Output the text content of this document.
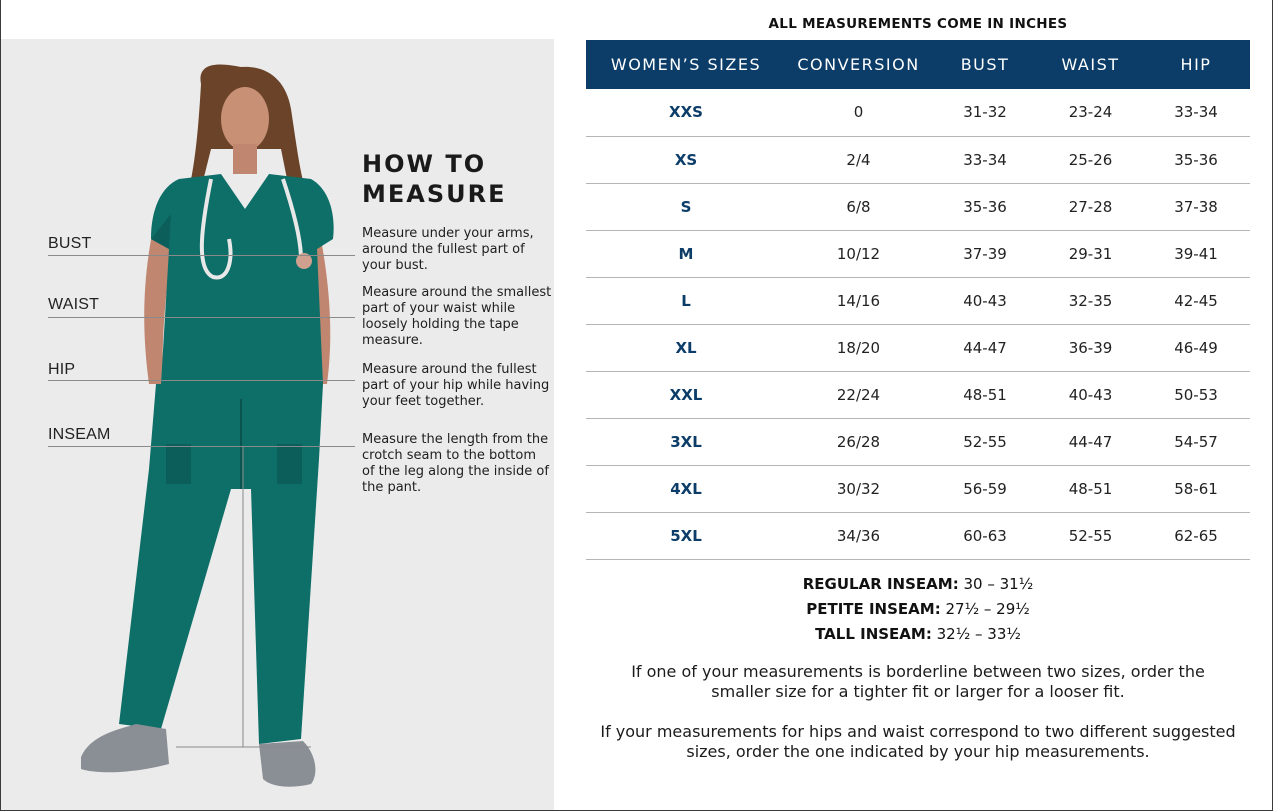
BUST
WAIST
HIP
INSEAM
HOW TO
MEASURE
Measure under your arms, around the fullest part of your bust.
Measure around the smallest part of your waist while loosely holding the tape measure.
Measure around the fullest part of your hip while having your feet together.
Measure the length from the crotch seam to the bottom of the leg along the inside of the pant.
ALL MEASUREMENTS COME IN INCHES
WOMEN’S SIZES	CONVERSION	BUST	WAIST	HIP
XXS	0	31-32	23-24	33-34
XS	2/4	33-34	25-26	35-36
S	6/8	35-36	27-28	37-38
M	10/12	37-39	29-31	39-41
L	14/16	40-43	32-35	42-45
XL	18/20	44-47	36-39	46-49
XXL	22/24	48-51	40-43	50-53
3XL	26/28	52-55	44-47	54-57
4XL	30/32	56-59	48-51	58-61
5XL	34/36	60-63	52-55	62-65
REGULAR INSEAM: 30 – 31½
PETITE INSEAM: 27½ – 29½
TALL INSEAM: 32½ – 33½
If one of your measurements is borderline between two sizes, order the smaller size for a tighter fit or larger for a looser fit.
If your measurements for hips and waist correspond to two different suggested sizes, order the one indicated by your hip measurements.
